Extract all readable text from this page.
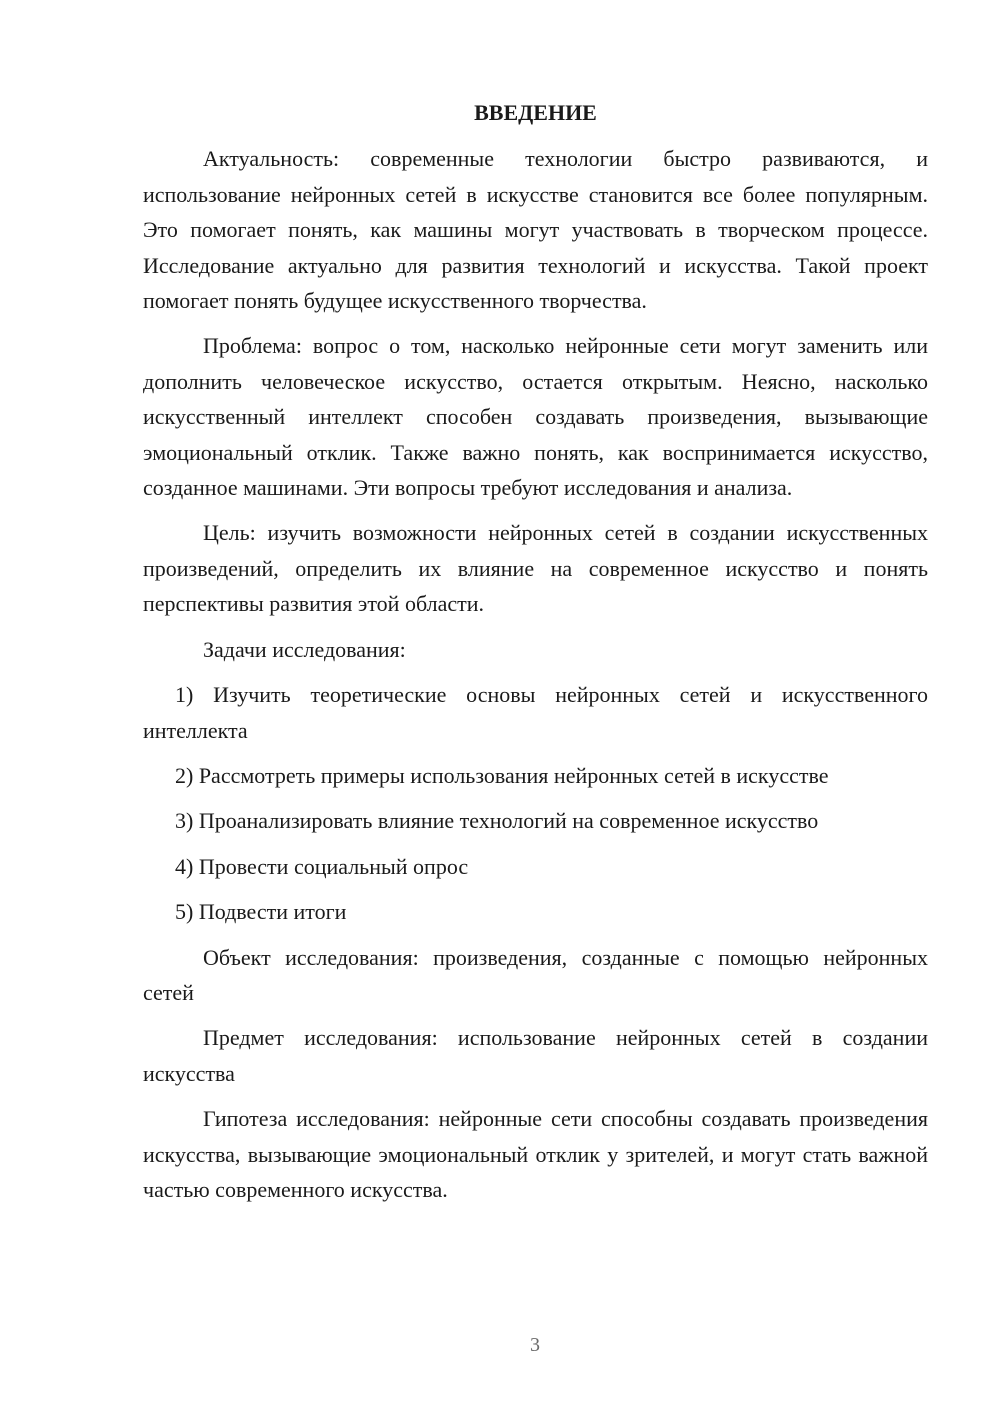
ВВЕДЕНИЕ

Актуальность: современные технологии быстро развиваются, и использование нейронных сетей в искусстве становится все более популярным. Это помогает понять, как машины могут участвовать в творческом процессе. Исследование актуально для развития технологий и искусства. Такой проект помогает понять будущее искусственного творчества.

Проблема: вопрос о том, насколько нейронные сети могут заменить или дополнить человеческое искусство, остается открытым. Неясно, насколько искусственный интеллект способен создавать произведения, вызывающие эмоциональный отклик. Также важно понять, как воспринимается искусство, созданное машинами. Эти вопросы требуют исследования и анализа.

Цель: изучить возможности нейронных сетей в создании искусственных произведений, определить их влияние на современное искусство и понять перспективы развития этой области.

Задачи исследования:

1) Изучить теоретические основы нейронных сетей и искусственного интеллекта

2) Рассмотреть примеры использования нейронных сетей в искусстве

3) Проанализировать влияние технологий на современное искусство

4) Провести социальный опрос

5) Подвести итоги

Объект исследования: произведения, созданные с помощью нейронных сетей

Предмет исследования: использование нейронных сетей в создании искусства

Гипотеза исследования: нейронные сети способны создавать произведения искусства, вызывающие эмоциональный отклик у зрителей, и могут стать важной частью современного искусства.

3
